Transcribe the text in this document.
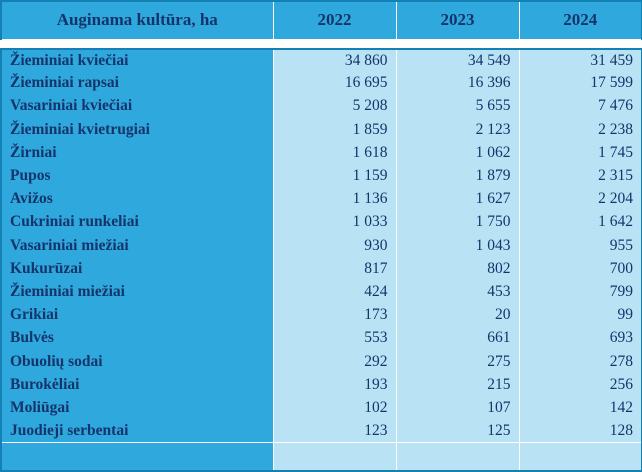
Auginama kultūra, ha	2022	2023	2024
Žieminiai kviečiai	34 860	34 549	31 459
Žieminiai rapsai	16 695	16 396	17 599
Vasariniai kviečiai	5 208	5 655	7 476
Žieminiai kvietrugiai	1 859	2 123	2 238
Žirniai	1 618	1 062	1 745
Pupos	1 159	1 879	2 315
Avižos	1 136	1 627	2 204
Cukriniai runkeliai	1 033	1 750	1 642
Vasariniai miežiai	930	1 043	955
Kukurūzai	817	802	700
Žieminiai miežiai	424	453	799
Grikiai	173	20	99
Bulvės	553	661	693
Obuolių sodai	292	275	278
Burokėliai	193	215	256
Moliūgai	102	107	142
Juodieji serbentai	123	125	128
